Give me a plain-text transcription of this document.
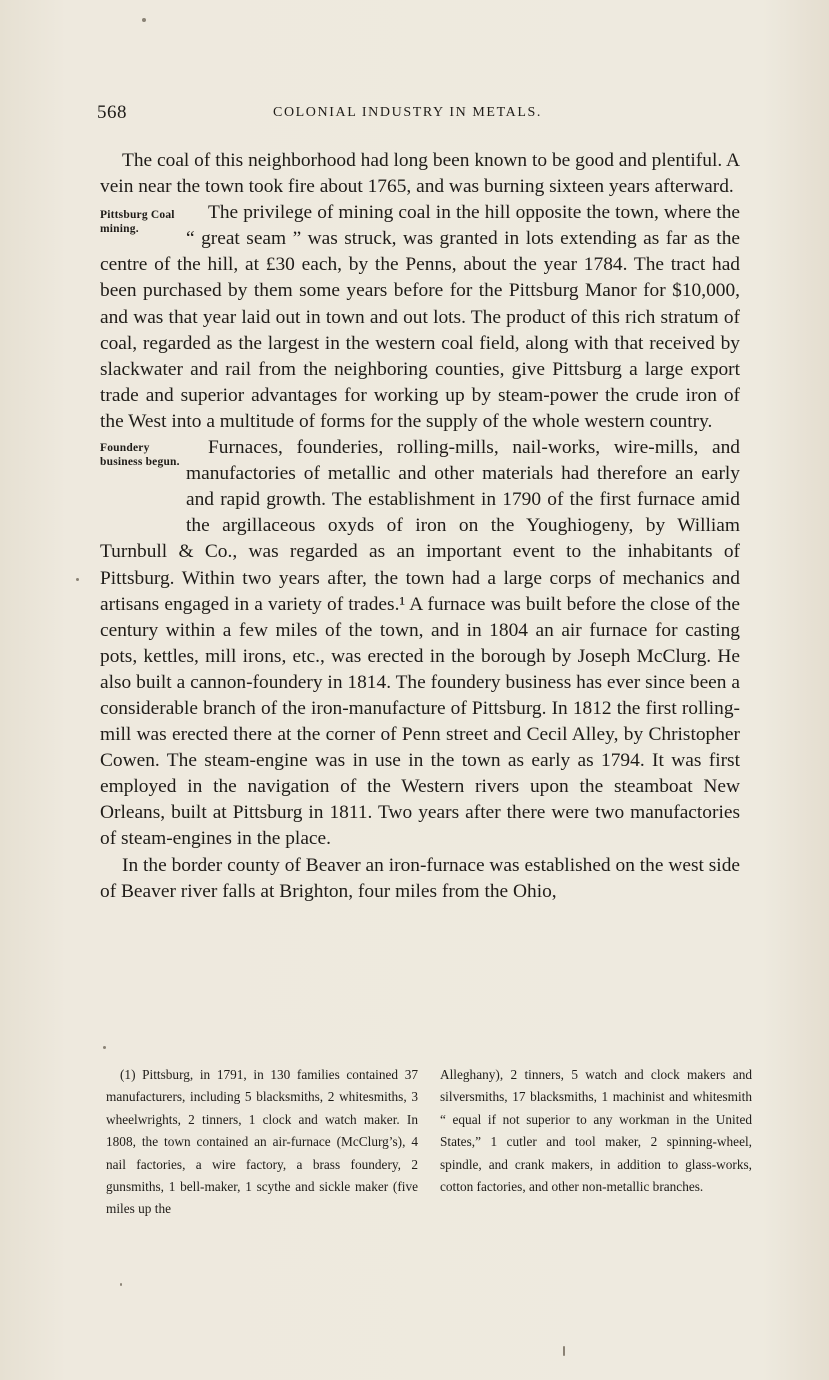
568	COLONIAL INDUSTRY IN METALS.

The coal of this neighborhood had long been known to be good and plentiful. A vein near the town took fire about 1765, and was burning sixteen years afterward.

Pittsburg Coal mining.

The privilege of mining coal in the hill opposite the town, where the “ great seam ” was struck, was granted in lots extending as far as the centre of the hill, at £30 each, by the Penns, about the year 1784. The tract had been purchased by them some years before for the Pittsburg Manor for $10,000, and was that year laid out in town and out lots. The product of this rich stratum of coal, regarded as the largest in the western coal field, along with that received by slackwater and rail from the neighboring counties, give Pittsburg a large export trade and superior advantages for working up by steam-power the crude iron of the West into a multitude of forms for the supply of the whole western country.

Foundery business begun.

Furnaces, founderies, rolling-mills, nail-works, wire-mills, and manufactories of metallic and other materials had therefore an early and rapid growth. The establishment in 1790 of the first furnace amid the argillaceous oxyds of iron on the Youghiogeny, by William Turnbull & Co., was regarded as an important event to the inhabitants of Pittsburg. Within two years after, the town had a large corps of mechanics and artisans engaged in a variety of trades.¹ A furnace was built before the close of the century within a few miles of the town, and in 1804 an air furnace for casting pots, kettles, mill irons, etc., was erected in the borough by Joseph McClurg. He also built a cannon-foundery in 1814. The foundery business has ever since been a considerable branch of the iron-manufacture of Pittsburg. In 1812 the first rolling-mill was erected there at the corner of Penn street and Cecil Alley, by Christopher Cowen. The steam-engine was in use in the town as early as 1794. It was first employed in the navigation of the Western rivers upon the steamboat New Orleans, built at Pittsburg in 1811. Two years after there were two manufactories of steam-engines in the place.

In the border county of Beaver an iron-furnace was established on the west side of Beaver river falls at Brighton, four miles from the Ohio,

(1) Pittsburg, in 1791, in 130 families contained 37 manufacturers, including 5 blacksmiths, 2 whitesmiths, 3 wheelwrights, 2 tinners, 1 clock and watch maker. In 1808, the town contained an air-furnace (McClurg’s), 4 nail factories, a wire factory, a brass foundery, 2 gunsmiths, 1 bell-maker, 1 scythe and sickle maker (five miles up the

Alleghany), 2 tinners, 5 watch and clock makers and silversmiths, 17 blacksmiths, 1 machinist and whitesmith “ equal if not superior to any workman in the United States,” 1 cutler and tool maker, 2 spinning-wheel, spindle, and crank makers, in addition to glass-works, cotton factories, and other non-metallic branches.
